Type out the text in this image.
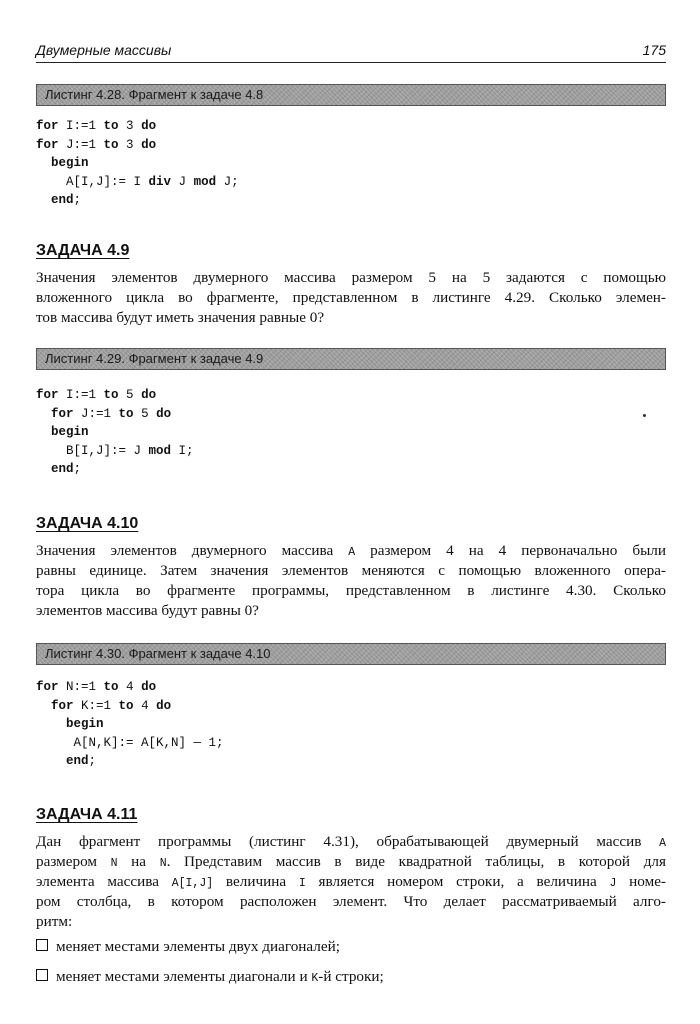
Двумерные массивы	175
Листинг 4.28. Фрагмент к задаче 4.8
for I:=1 to 3 do
for J:=1 to 3 do
begin
A[I,J]:= I div J mod J;
end;
ЗАДАЧА 4.9
Значения элементов двумерного массива размером 5 на 5 задаются с помощью
вложенного цикла во фрагменте, представленном в листинге 4.29. Сколько элемен-
тов массива будут иметь значения равные 0?
Листинг 4.29. Фрагмент к задаче 4.9
for I:=1 to 5 do
for J:=1 to 5 do
begin
B[I,J]:= J mod I;
end;
ЗАДАЧА 4.10
Значения элементов двумерного массива A размером 4 на 4 первоначально были
равны единице. Затем значения элементов меняются с помощью вложенного опера-
тора цикла во фрагменте программы, представленном в листинге 4.30. Сколько
элементов массива будут равны 0?
Листинг 4.30. Фрагмент к задаче 4.10
for N:=1 to 4 do
for K:=1 to 4 do
begin
A[N,K]:= A[K,N] — 1;
end;
ЗАДАЧА 4.11
Дан фрагмент программы (листинг 4.31), обрабатывающей двумерный массив A
размером N на N. Представим массив в виде квадратной таблицы, в которой для
элемента массива A[I,J] величина I является номером строки, а величина J номе-
ром столбца, в котором расположен элемент. Что делает рассматриваемый алго-
ритм:
меняет местами элементы двух диагоналей;
меняет местами элементы диагонали и K-й строки;
